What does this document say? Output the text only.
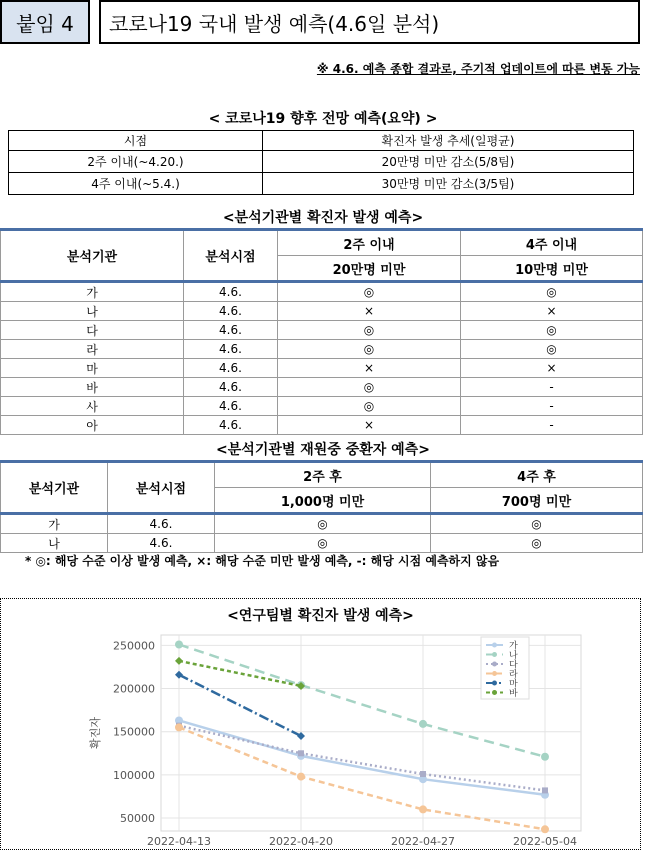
붙임 4 코로나19 국내 발생 예측(4.6일 분석)
※ 4.6. 예측 종합 결과로, 주기적 업데이트에 따른 변동 가능
< 코로나19 향후 전망 예측(요약) >
시점	확진자 발생 추세(일평균)
2주 이내(~4.20.)	20만명 미만 감소(5/8팀)
4주 이내(~5.4.)	30만명 미만 감소(3/5팀)
<분석기관별 확진자 발생 예측>
분석기관	분석시점	2주 이내	4주 이내
		20만명 미만	10만명 미만
가	4.6.	◎	◎
나	4.6.	×	×
다	4.6.	◎	◎
라	4.6.	◎	◎
마	4.6.	×	×
바	4.6.	◎	-
사	4.6.	◎	-
아	4.6.	×	-
<분석기관별 재원중 중환자 예측>
분석기관	분석시점	2주 후	4주 후
		1,000명 미만	700명 미만
가	4.6.	◎	◎
나	4.6.	◎	◎
* ◎: 해당 수준 이상 발생 예측, ×: 해당 수준 미만 발생 예측, -: 해당 시점 예측하지 않음
<연구팀별 확진자 발생 예측>
50000
100000
150000
200000
250000
2022-04-13	2022-04-20	2022-04-27	2022-05-04
확진자
가
나
다
라
마
바
